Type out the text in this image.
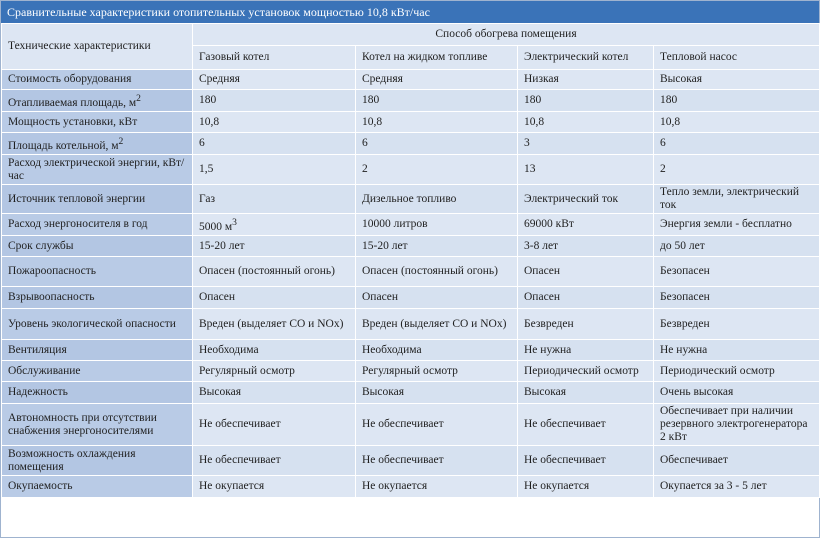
Сравнительные характеристики отопительных установок мощностью 10,8 кВт/час
Технические характеристики	Способ обогрева помещения			
	Газовый котел	Котел на жидком топливе	Электрический котел	Тепловой насос
Стоимость оборудования	Средняя	Средняя	Низкая	Высокая
Отапливаемая площадь, $м^2$	180	180	180	180
Мощность установки, кВт	10,8	10,8	10,8	10,8
Площадь котельной, $м^2$	6	6	3	6
Расход электрической энергии, кВт/час	1,5	2	13	2
Источник тепловой энергии	Газ	Дизельное топливо	Электрический ток	Тепло земли, электрический ток
Расход энергоносителя в год	5000 $м^3$	10000 литров	69000 кВт	Энергия земли - бесплатно
Срок службы	15-20 лет	15-20 лет	3-8 лет	до 50 лет
Пожароопасность	Опасен (постоянный огонь)	Опасен (постоянный огонь)	Опасен	Безопасен
Взрывоопасность	Опасен	Опасен	Опасен	Безопасен
Уровень экологической опасности	Вреден (выделяет СО и NOx)	Вреден (выделяет СО и NOx)	Безвреден	Безвреден
Вентиляция	Необходима	Необходима	Не нужна	Не нужна
Обслуживание	Регулярный осмотр	Регулярный осмотр	Периодический осмотр	Периодический осмотр
Надежность	Высокая	Высокая	Высокая	Очень высокая
Автономность при отсутствии снабжения энергоносителями	Не обеспечивает	Не обеспечивает	Не обеспечивает	Обеспечивает при наличии резервного электрогенератора 2 кВт
Возможность охлаждения помещения	Не обеспечивает	Не обеспечивает	Не обеспечивает	Обеспечивает
Окупаемость	Не окупается	Не окупается	Не окупается	Окупается за 3 - 5 лет
